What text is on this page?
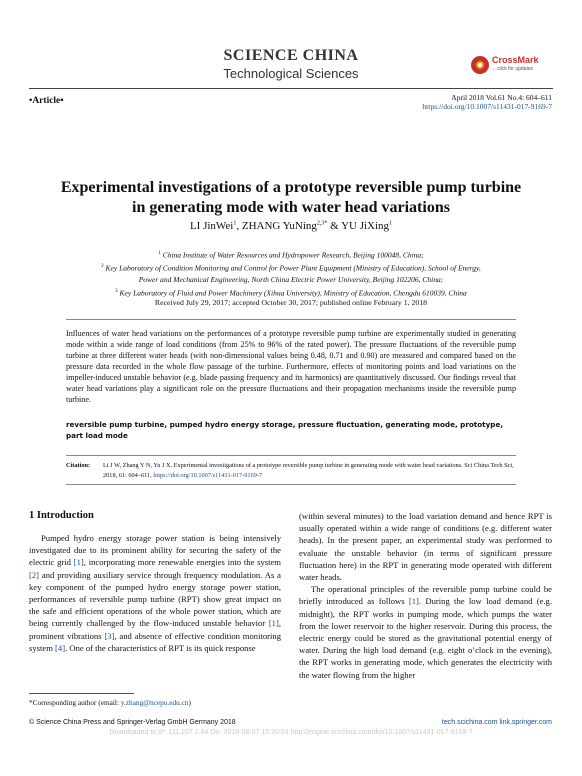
SCIENCE CHINA
Technological Sciences
CrossMark
←click for updates
•Article•	April 2018 Vol.61 No.4: 604–611
https://doi.org/10.1007/s11431-017-9169-7
Experimental investigations of a prototype reversible pump turbine
in generating mode with water head variations
LI JinWei$^1$, ZHANG YuNing$^{2,3*}$ & YU JiXing$^1$
$^1$ China Institute of Water Resources and Hydropower Research, Beijing 100048, China;
$^2$ Key Laboratory of Condition Monitoring and Control for Power Plant Equipment (Ministry of Education), School of Energy,
Power and Mechanical Engineering, North China Electric Power University, Beijing 102206, China;
$^3$ Key Laboratory of Fluid and Power Machinery (Xihua University), Ministry of Education, Chengdu 610039, China
Received July 29, 2017; accepted October 30, 2017; published online February 1, 2018
Influences of water head variations on the performances of a prototype reversible pump turbine are experimentally studied in generating mode within a wide range of load conditions (from 25% to 96% of the rated power). The pressure fluctuations of the reversible pump turbine at three different water heads (with non-dimensional values being 0.48, 0.71 and 0.90) are measured and compared based on the pressure data recorded in the whole flow passage of the turbine. Furthermore, effects of monitoring points and load variations on the impeller-induced unstable behavior (e.g. blade passing frequency and its harmonics) are quantitatively discussed. Our findings reveal that water head variations play a significant role on the pressure fluctuations and their propagation mechanisms inside the reversible pump turbine.
reversible pump turbine, pumped hydro energy storage, pressure fluctuation, generating mode, prototype, part load mode
Citation: Li J W, Zhang Y N, Yu J X. Experimental investigations of a prototype reversible pump turbine in generating mode with water head variations. Sci China Tech Sci, 2018, 61: 604–611, https://doi.org/10.1007/s11431-017-9169-7
1 Introduction

Pumped hydro energy storage power station is being intensively investigated due to its prominent ability for securing the safety of the electric grid [1], incorporating more renewable energies into the system [2] and providing auxiliary service through frequency modulation. As a key component of the pumped hydro energy storage power station, performances of reversible pump turbine (RPT) show great impact on the safe and efficient operations of the whole power station, which are being currently challenged by the flow-induced unstable behavior [1], prominent vibrations [3], and absence of effective condition monitoring system [4]. One of the characteristics of RPT is its quick response

(within several minutes) to the load variation demand and hence RPT is usually operated within a wide range of conditions (e.g. different water heads). In the present paper, an experimental study was performed to evaluate the unstable behavior (in terms of significant pressure fluctuation here) in the RPT in generating mode operated with different water heads.

The operational principles of the reversible pump turbine could be briefly introduced as follows [1]. During the low load demand (e.g. midnight), the RPT works in pumping mode, which pumps the water from the lower reservoir to the higher reservoir. During this process, the electric energy could be stored as the gravitational potential energy of water. During the high load demand (e.g. eight o’clock in the evening), the RPT works in generating mode, which generates the electricity with the water flowing from the higher

*Corresponding author (email: y.zhang@ncepu.edu.cn)
© Science China Press and Springer-Verlag GmbH Germany 2018	tech.scichina.com link.springer.com
Downloaded to IP: 111.207.1.84 On: 2018-08-07 15:20:03 http://engine.scichina.com/doi/10.1007/s11431-017-9169-7
